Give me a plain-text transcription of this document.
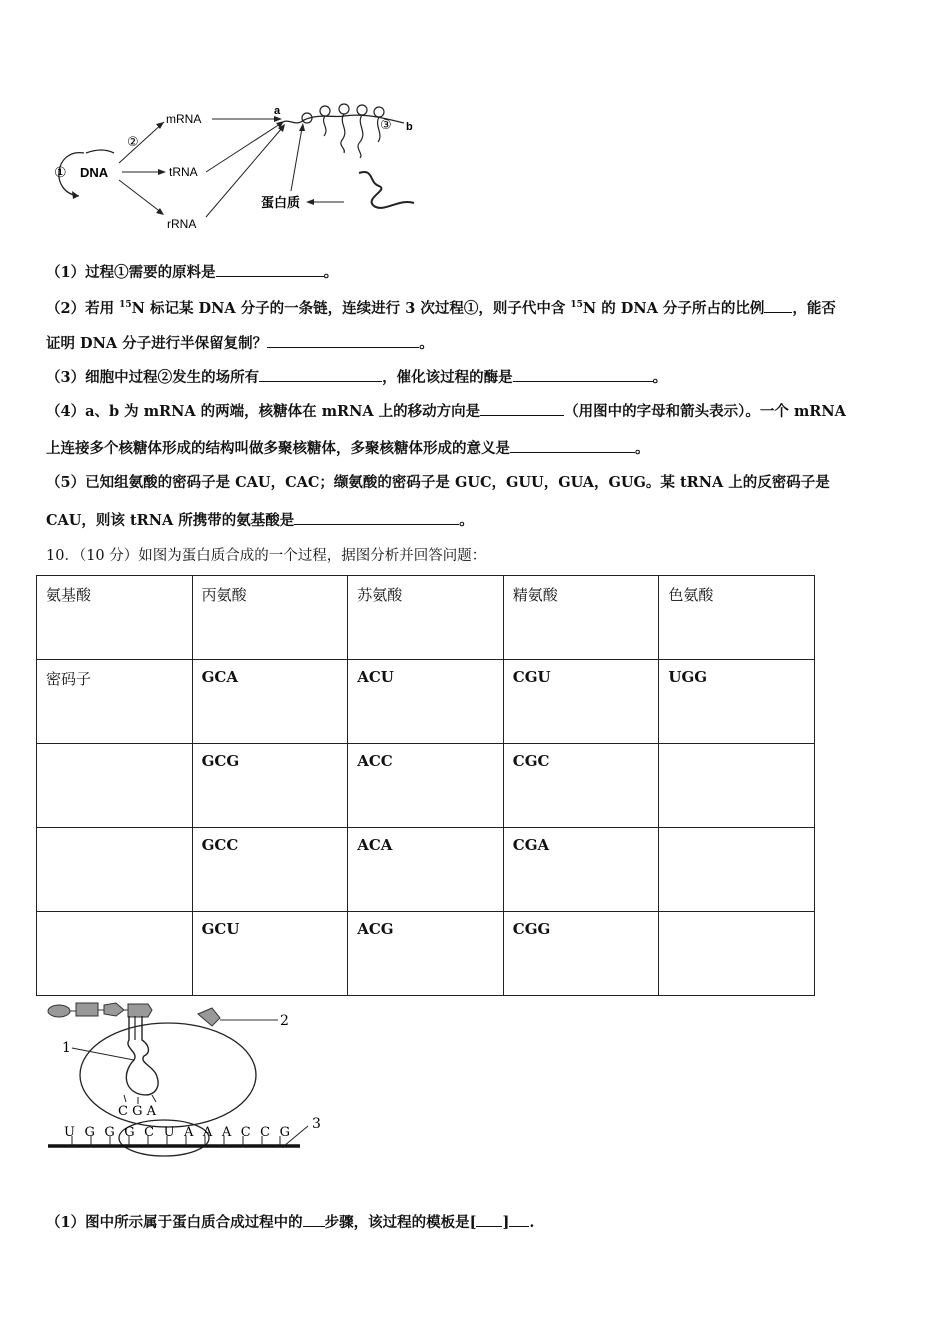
① DNA
②
mRNA
tRNA
rRNA
a
b
③
蛋白质
（1）过程①需要的原料是	。
（2）若用 $^{15}$N 标记某 DNA 分子的一条链，连续进行 3 次过程①，则子代中含 $^{15}$N 的 DNA 分子所占的比例 ，能否
证明 DNA 分子进行半保留复制？	。
（3）细胞中过程②发生的场所有	，催化该过程的酶是	。
（4）a、b 为 mRNA 的两端，核糖体在 mRNA 上的移动方向是	（用图中的字母和箭头表示）。一个 mRNA
上连接多个核糖体形成的结构叫做多聚核糖体，多聚核糖体形成的意义是	。
（5）已知组氨酸的密码子是 CAU，CAC；缬氨酸的密码子是 GUC，GUU，GUA，GUG。某 tRNA 上的反密码子是
CAU，则该 tRNA 所携带的氨基酸是	。
10．（10 分）如图为蛋白质合成的一个过程，据图分析并回答问题：
氨基酸	丙氨酸	苏氨酸	精氨酸	色氨酸
密码子	GCA	ACU	CGU	UGG
	GCG	ACC	CGC	
	GCC	ACA	CGA	
	GCU	ACG	CGG	
2
C G A
1
U G G G C U A A A C C G
3
（1）图中所示属于蛋白质合成过程中的 步骤，该过程的模板是[ ] .
